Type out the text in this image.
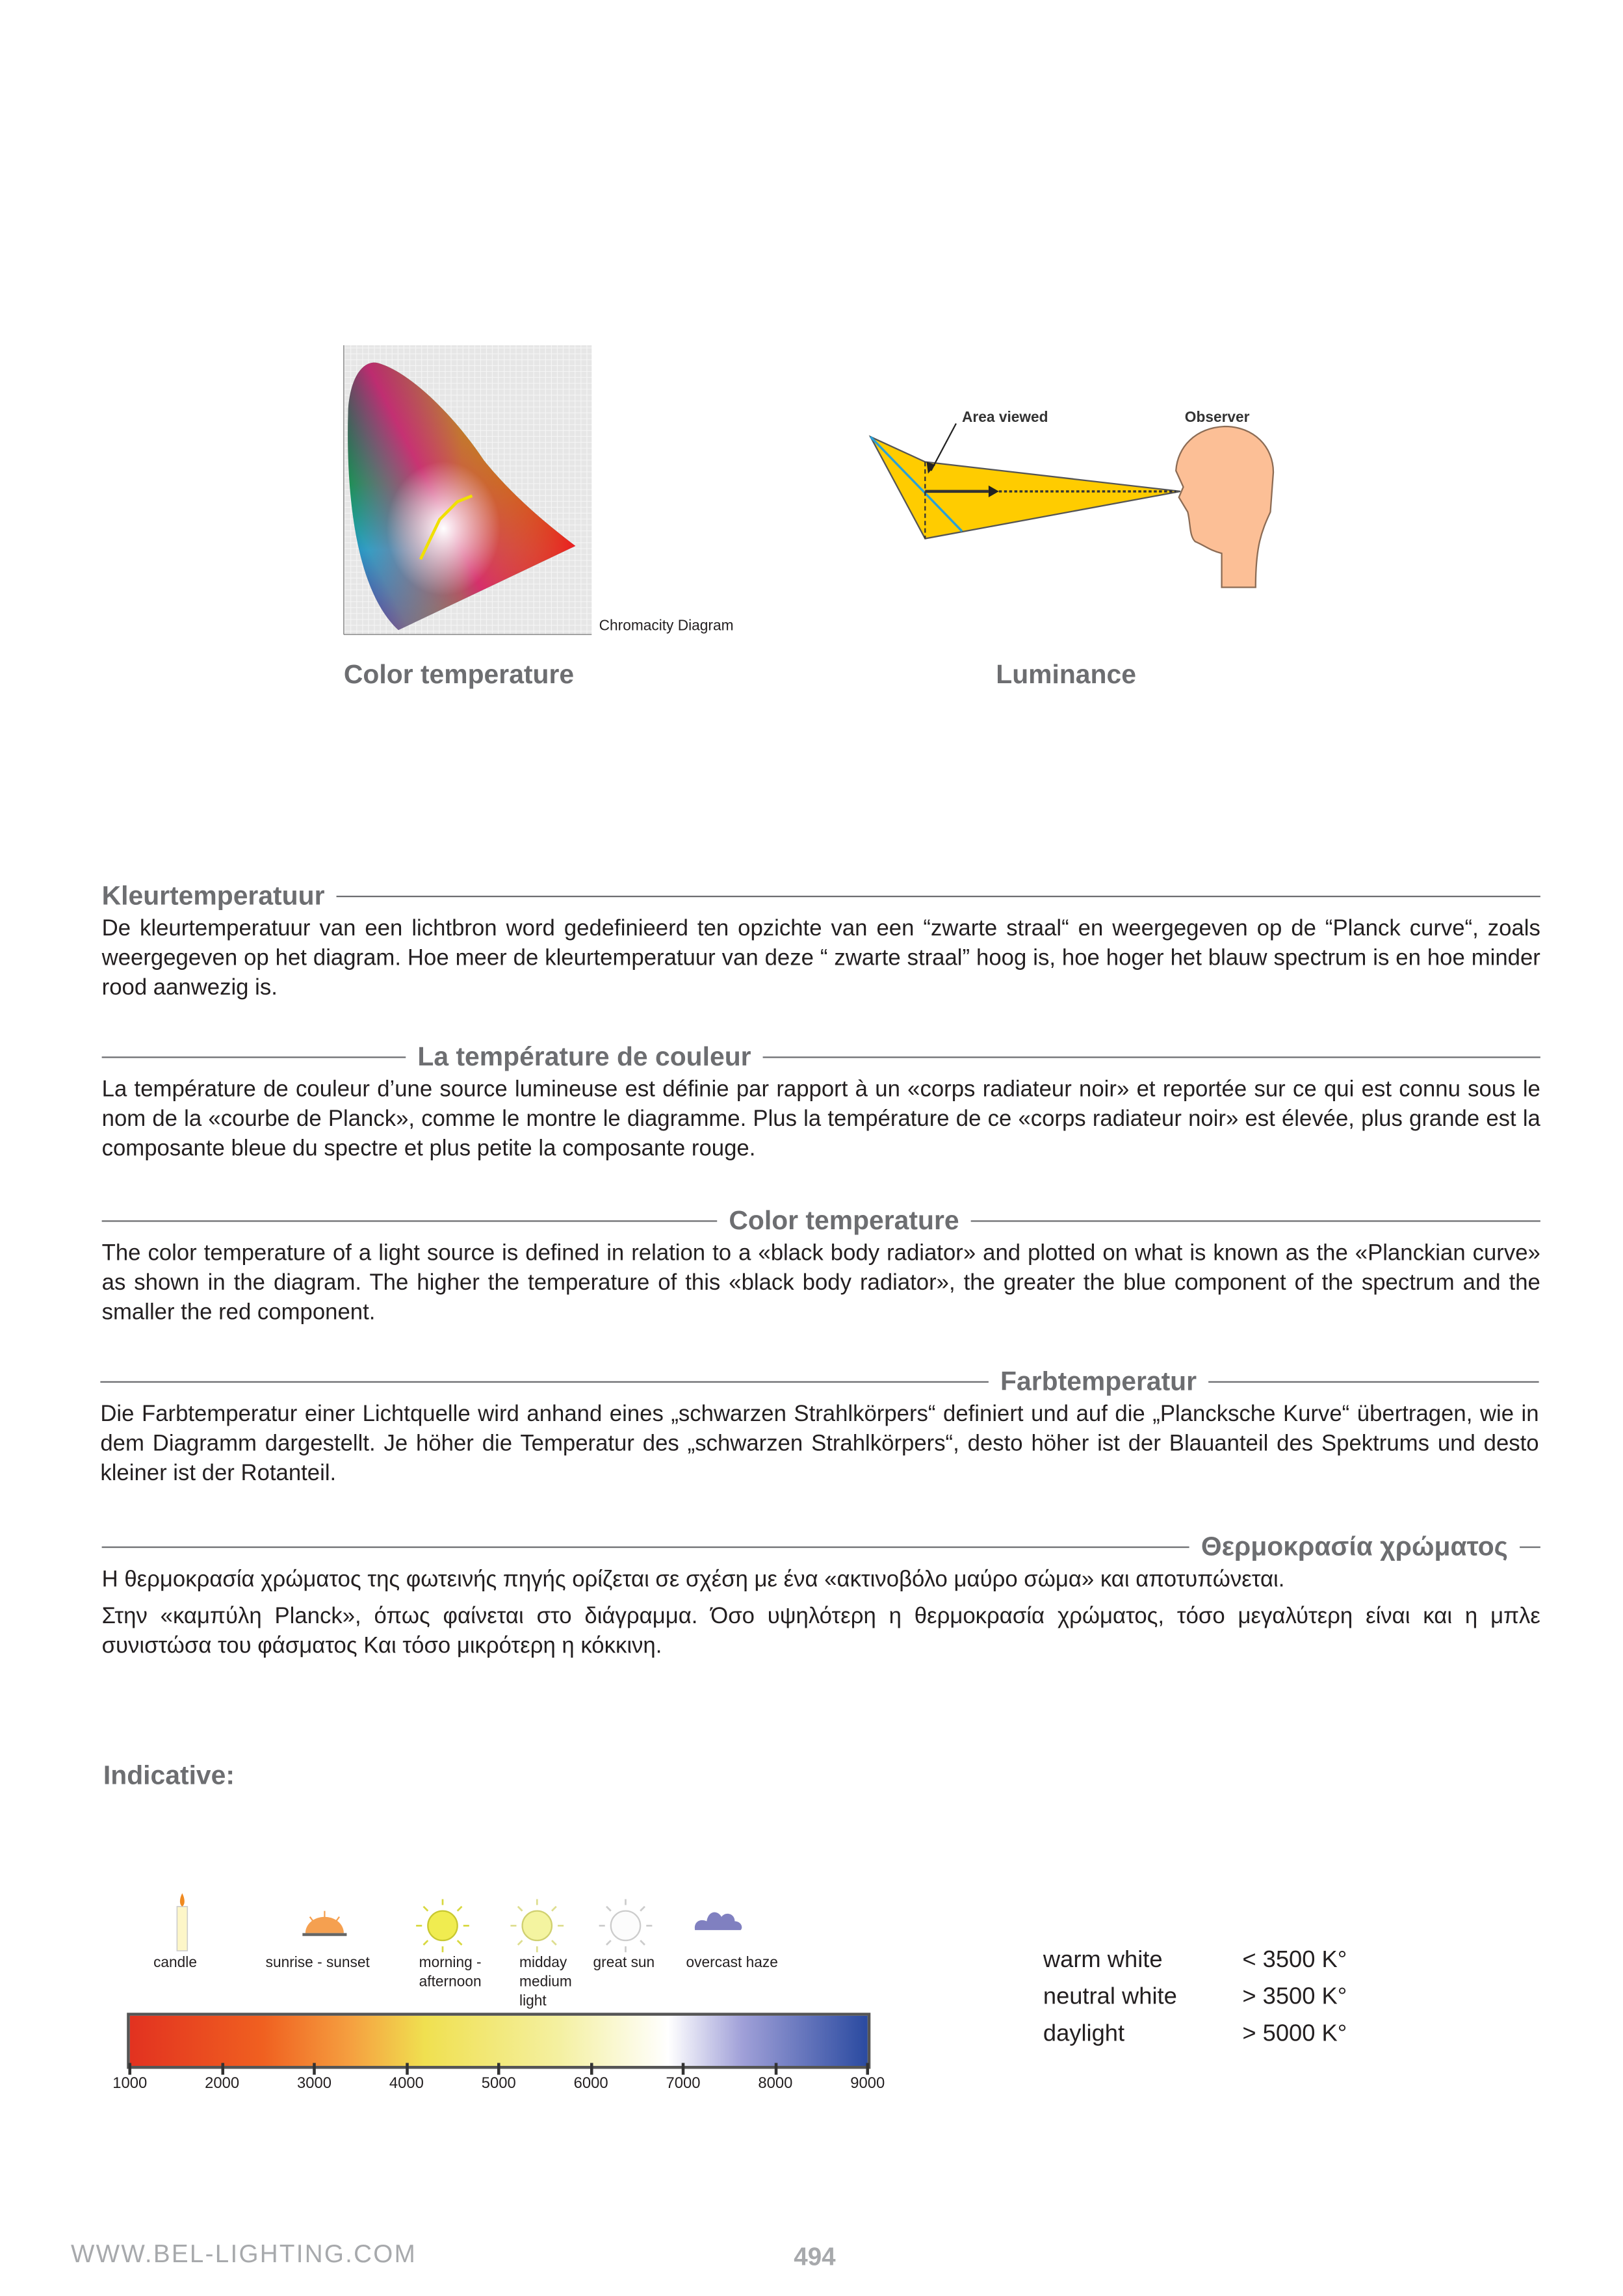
Chromacity Diagram
Color temperature
Area viewed	Observer
Luminance
Kleurtemperatuur

De kleurtemperatuur van een lichtbron word gedefinieerd ten opzichte van een “zwarte straal“ en weergegeven op de “Planck curve“, zoals weergegeven op het diagram. Hoe meer de kleurtemperatuur van deze “ zwarte straal” hoog is, hoe hoger het blauw spectrum is en hoe minder rood aanwezig is.

La température de couleur

La température de couleur d’une source lumineuse est définie par rapport à un «corps radiateur noir» et reportée sur ce qui est connu sous le nom de la «courbe de Planck», comme le montre le diagramme. Plus la température de ce «corps radiateur noir» est élevée, plus grande est la composante bleue du spectre et plus petite la composante rouge.

Color temperature

The color temperature of a light source is defined in relation to a «black body radiator» and plotted on what is known as the «Planckian curve» as shown in the diagram. The higher the temperature of this «black body radiator», the greater the blue component of the spectrum and the smaller the red component.

Farbtemperatur

Die Farbtemperatur einer Lichtquelle wird anhand eines „schwarzen Strahlkörpers“ definiert und auf die „Plancksche Kurve“ übertragen, wie in dem Diagramm dargestellt. Je höher die Temperatur des „schwarzen Strahlkörpers“, desto höher ist der Blauanteil des Spektrums und desto kleiner ist der Rotanteil.

Θερμοκρασία χρώματος

Η θερμοκρασία χρώματος της φωτεινής πηγής ορίζεται σε σχέση με ένα «ακτινοβόλο μαύρο σώμα» και αποτυπώνεται.

Στην «καμπύλη Planck», όπως φαίνεται στο διάγραμμα. Όσο υψηλότερη η θερμοκρασία χρώματος, τόσο μεγαλύτερη είναι και η μπλε συνιστώσα του φάσματος Και τόσο μικρότερη η κόκκινη.

Indicative:
candle	sunrise - sunset	morning - afternoon
midday medium light
great sun	overcast haze
1000	2000	3000	4000	5000	6000	7000	8000	9000
warm white	< 3500 K°
neutral white	> 3500 K°
daylight	> 5000 K°
WWW.BEL-LIGHTING.COM	494
